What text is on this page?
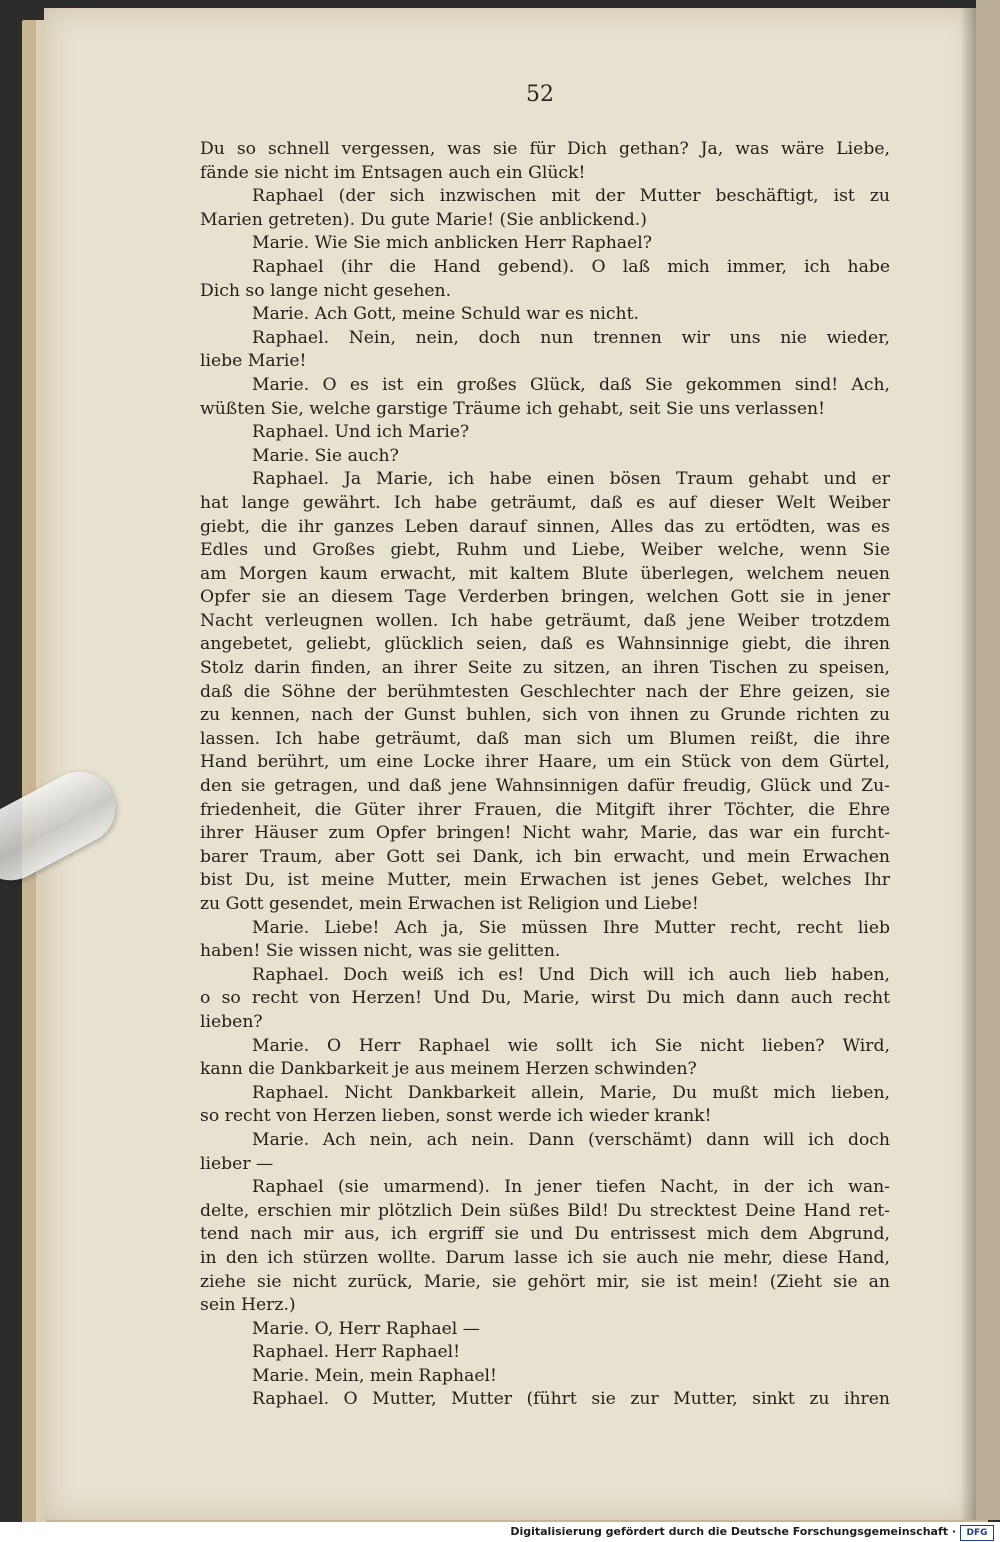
52
Du so schnell vergessen, was sie für Dich gethan? Ja, was wäre Liebe,
fände sie nicht im Entsagen auch ein Glück!
Raphael (der sich inzwischen mit der Mutter beschäftigt, ist zu
Marien getreten). Du gute Marie! (Sie anblickend.)
Marie. Wie Sie mich anblicken Herr Raphael?
Raphael (ihr die Hand gebend). O laß mich immer, ich habe
Dich so lange nicht gesehen.
Marie. Ach Gott, meine Schuld war es nicht.
Raphael. Nein, nein, doch nun trennen wir uns nie wieder,
liebe Marie!
Marie. O es ist ein großes Glück, daß Sie gekommen sind! Ach,
wüßten Sie, welche garstige Träume ich gehabt, seit Sie uns verlassen!
Raphael. Und ich Marie?
Marie. Sie auch?
Raphael. Ja Marie, ich habe einen bösen Traum gehabt und er
hat lange gewährt. Ich habe geträumt, daß es auf dieser Welt Weiber
giebt, die ihr ganzes Leben darauf sinnen, Alles das zu ertödten, was es
Edles und Großes giebt, Ruhm und Liebe, Weiber welche, wenn Sie
am Morgen kaum erwacht, mit kaltem Blute überlegen, welchem neuen
Opfer sie an diesem Tage Verderben bringen, welchen Gott sie in jener
Nacht verleugnen wollen. Ich habe geträumt, daß jene Weiber trotzdem
angebetet, geliebt, glücklich seien, daß es Wahnsinnige giebt, die ihren
Stolz darin finden, an ihrer Seite zu sitzen, an ihren Tischen zu speisen,
daß die Söhne der berühmtesten Geschlechter nach der Ehre geizen, sie
zu kennen, nach der Gunst buhlen, sich von ihnen zu Grunde richten zu
lassen. Ich habe geträumt, daß man sich um Blumen reißt, die ihre
Hand berührt, um eine Locke ihrer Haare, um ein Stück von dem Gürtel,
den sie getragen, und daß jene Wahnsinnigen dafür freudig, Glück und Zu-
friedenheit, die Güter ihrer Frauen, die Mitgift ihrer Töchter, die Ehre
ihrer Häuser zum Opfer bringen! Nicht wahr, Marie, das war ein furcht-
barer Traum, aber Gott sei Dank, ich bin erwacht, und mein Erwachen
bist Du, ist meine Mutter, mein Erwachen ist jenes Gebet, welches Ihr
zu Gott gesendet, mein Erwachen ist Religion und Liebe!
Marie. Liebe! Ach ja, Sie müssen Ihre Mutter recht, recht lieb
haben! Sie wissen nicht, was sie gelitten.
Raphael. Doch weiß ich es! Und Dich will ich auch lieb haben,
o so recht von Herzen! Und Du, Marie, wirst Du mich dann auch recht
lieben?
Marie. O Herr Raphael wie sollt ich Sie nicht lieben? Wird,
kann die Dankbarkeit je aus meinem Herzen schwinden?
Raphael. Nicht Dankbarkeit allein, Marie, Du mußt mich lieben,
so recht von Herzen lieben, sonst werde ich wieder krank!
Marie. Ach nein, ach nein. Dann (verschämt) dann will ich doch
lieber —
Raphael (sie umarmend). In jener tiefen Nacht, in der ich wan-
delte, erschien mir plötzlich Dein süßes Bild! Du strecktest Deine Hand ret-
tend nach mir aus, ich ergriff sie und Du entrissest mich dem Abgrund,
in den ich stürzen wollte. Darum lasse ich sie auch nie mehr, diese Hand,
ziehe sie nicht zurück, Marie, sie gehört mir, sie ist mein! (Zieht sie an
sein Herz.)
Marie. O, Herr Raphael —
Raphael. Herr Raphael!
Marie. Mein, mein Raphael!
Raphael. O Mutter, Mutter (führt sie zur Mutter, sinkt zu ihren
Digitalisierung gefördert durch die Deutsche Forschungsgemeinschaft ·	DFG
